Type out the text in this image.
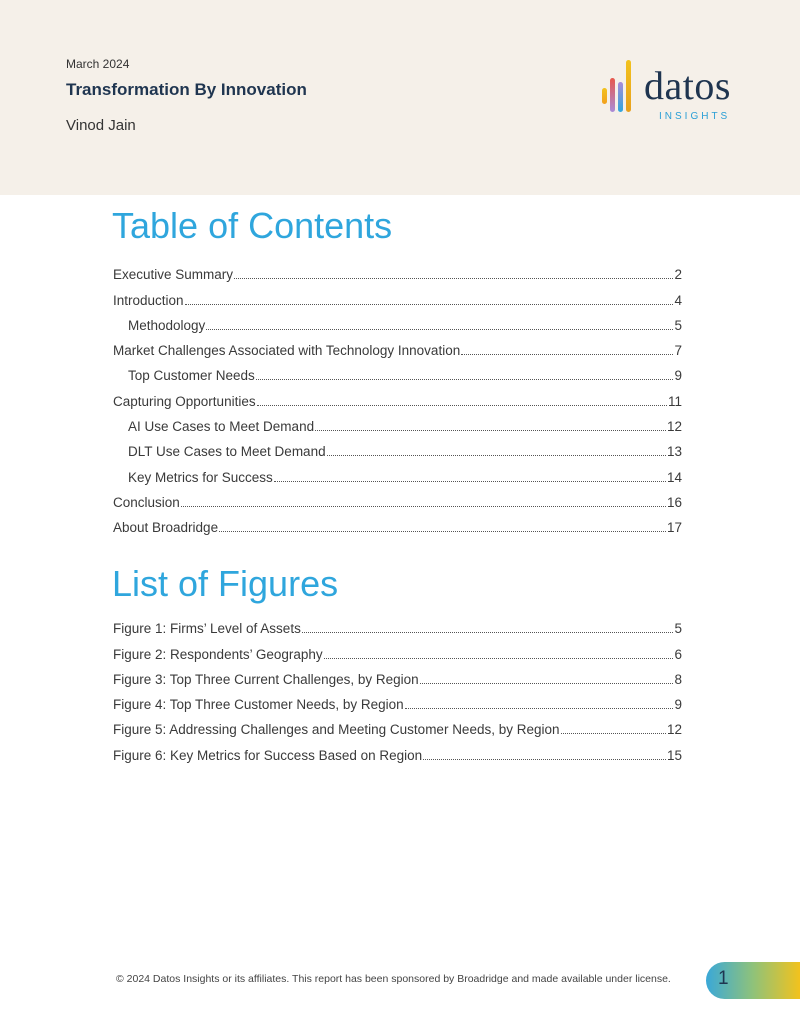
March 2024
Transformation By Innovation
Vinod Jain
datos
INSIGHTS
Table of Contents
Executive Summary	2
Introduction	4
Methodology	5
Market Challenges Associated with Technology Innovation	7
Top Customer Needs	9
Capturing Opportunities	11
AI Use Cases to Meet Demand	12
DLT Use Cases to Meet Demand	13
Key Metrics for Success	14
Conclusion	16
About Broadridge	17
List of Figures
Figure 1: Firms’ Level of Assets	5
Figure 2: Respondents’ Geography	6
Figure 3: Top Three Current Challenges, by Region	8
Figure 4: Top Three Customer Needs, by Region	9
Figure 5: Addressing Challenges and Meeting Customer Needs, by Region	12
Figure 6: Key Metrics for Success Based on Region	15
© 2024 Datos Insights or its affiliates. This report has been sponsored by Broadridge and made available under license. 1
